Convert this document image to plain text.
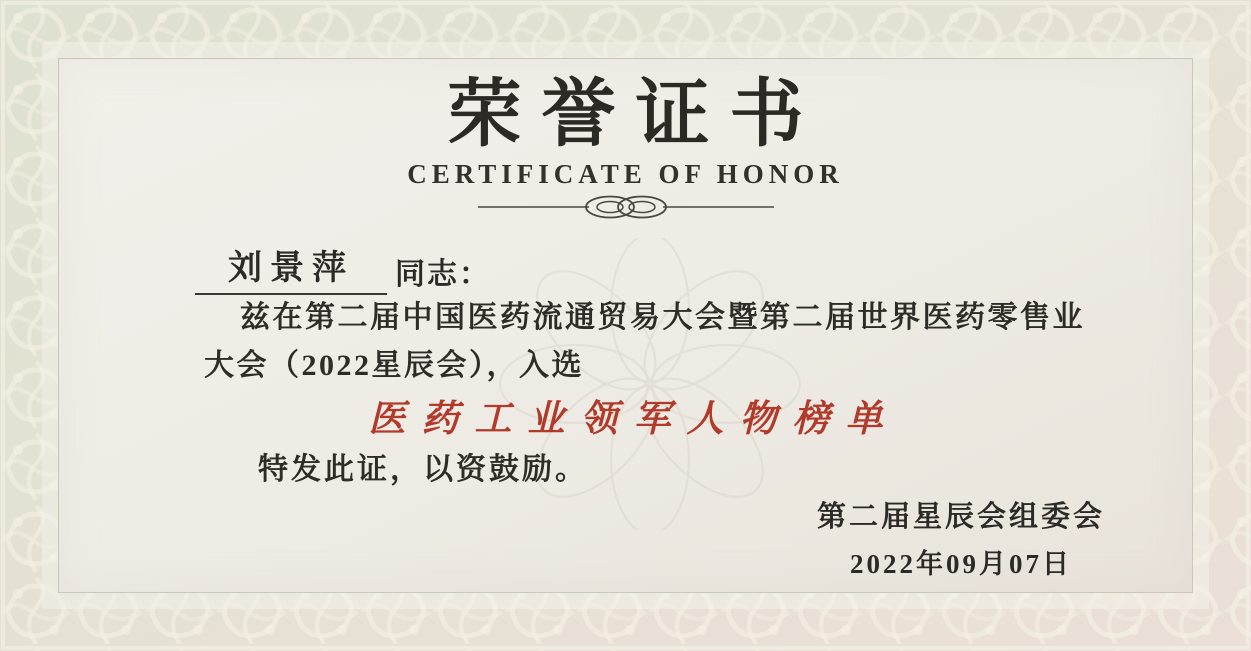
荣誉证书
CERTIFICATE OF HONOR
刘景萍	同志：
兹在第二届中国医药流通贸易大会暨第二届世界医药零售业
大会（2022星辰会），入选
医药工业领军人物榜单
特发此证，以资鼓励。
第二届星辰会组委会
2022年09月07日
